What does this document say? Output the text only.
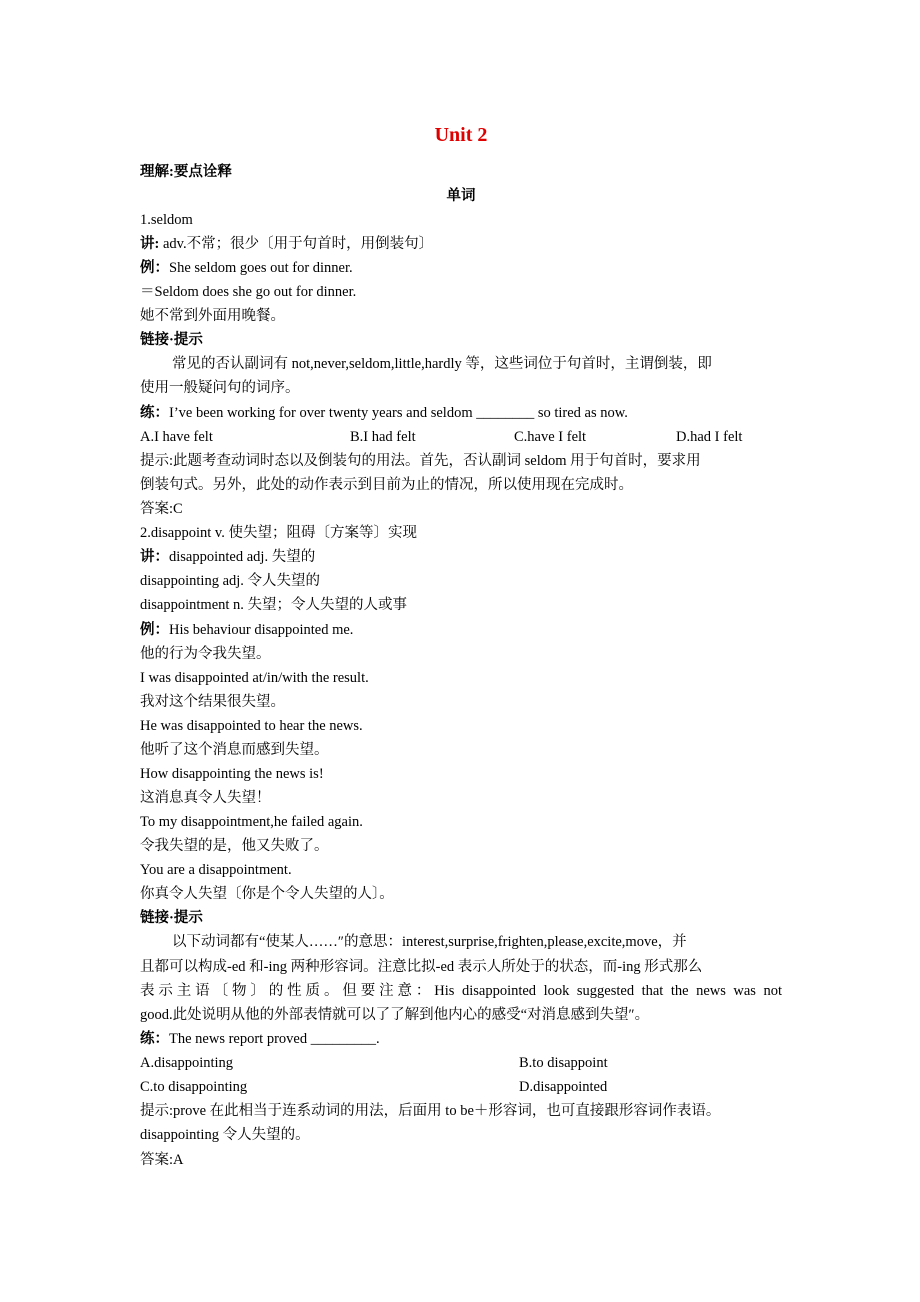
Unit 2
理解:要点诠释
单词
1.seldom
讲: adv.不常；很少〔用于句首时，用倒装句〕
例：She seldom goes out for dinner.
＝Seldom does she go out for dinner.
她不常到外面用晚餐。
链接·提示
常见的否认副词有 not,never,seldom,little,hardly 等，这些词位于句首时，主谓倒装，即
使用一般疑问句的词序。
练：I’ve been working for over twenty years and seldom ________ so tired as now.
A.I have felt	B.I had felt	C.have I felt	D.had I felt
提示:此题考查动词时态以及倒装句的用法。首先，否认副词 seldom 用于句首时，要求用
倒装句式。另外，此处的动作表示到目前为止的情况，所以使用现在完成时。
答案:C
2.disappoint v. 使失望；阻碍〔方案等〕实现
讲：disappointed adj. 失望的
disappointing adj. 令人失望的
disappointment n. 失望；令人失望的人或事
例：His behaviour disappointed me.
他的行为令我失望。
I was disappointed at/in/with the result.
我对这个结果很失望。
He was disappointed to hear the news.
他听了这个消息而感到失望。
How disappointing the news is!
这消息真令人失望！
To my disappointment,he failed again.
令我失望的是，他又失败了。
You are a disappointment.
你真令人失望〔你是个令人失望的人〕。
链接·提示
以下动词都有“使某人……″的意思：interest,surprise,frighten,please,excite,move，并
且都可以构成-ed 和-ing 两种形容词。注意比拟-ed 表示人所处于的状态，而-ing 形式那么
表示主语〔物〕的性质。但要注意：His disappointed look suggested that the news was not
good.此处说明从他的外部表情就可以了了解到他内心的感受“对消息感到失望″。
练：The news report proved _________.
A.disappointing	B.to disappoint
C.to disappointing	D.disappointed
提示:prove 在此相当于连系动词的用法，后面用 to be＋形容词，也可直接跟形容词作表语。
disappointing 令人失望的。
答案:A
